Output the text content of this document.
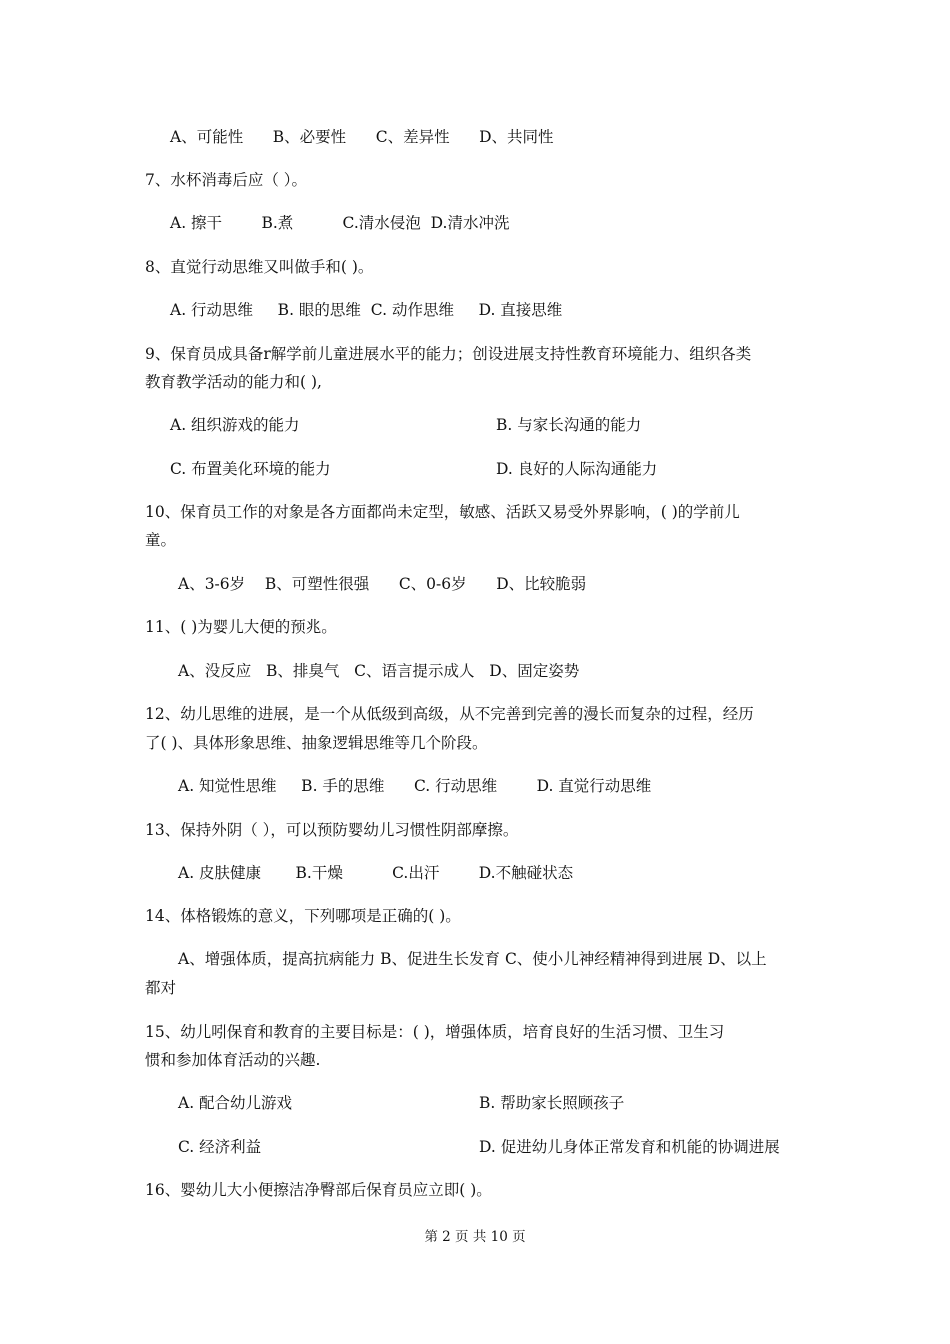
A、可能性      B、必要性      C、差异性      D、共同性
7、水杯消毒后应（ ）。
A. 擦干        B.煮          C.清水侵泡  D.清水冲洗
8、直觉行动思维又叫做手和( )。
A. 行动思维     B. 眼的思维  C. 动作思维     D. 直接思维
9、保育员成具备r解学前儿童进展水平的能力；创设进展支持性教育环境能力、组织各类
教育教学活动的能力和( ),
A. 组织游戏的能力	B. 与家长沟通的能力
C. 布置美化环境的能力	D. 良好的人际沟通能力
10、保育员工作的对象是各方面都尚未定型，敏感、活跃又易受外界影响，( )的学前儿
童。
A、3-6岁    B、可塑性很强      C、0-6岁      D、比较脆弱
11、( )为婴儿大便的预兆。
A、没反应   B、排臭气   C、语言提示成人   D、固定姿势
12、幼儿思维的进展，是一个从低级到高级，从不完善到完善的漫长而复杂的过程，经历
了( )、具体形象思维、抽象逻辑思维等几个阶段。
A. 知觉性思维     B. 手的思维      C. 行动思维        D. 直觉行动思维
13、保持外阴（ ），可以预防婴幼儿习惯性阴部摩擦。
A. 皮肤健康       B.干燥          C.出汗        D.不触碰状态
14、体格锻炼的意义，下列哪项是正确的( )。
A、增强体质，提高抗病能力 B、促进生长发育 C、使小儿神经精神得到进展 D、以上
都对
15、幼儿吲保育和教育的主要目标是：( )，增强体质，培育良好的生活习惯、卫生习
惯和参加体育活动的兴趣.
A. 配合幼儿游戏	B. 帮助家长照顾孩子
C. 经济利益	D. 促进幼儿身体正常发育和机能的协调进展
16、婴幼儿大小便擦洁净臀部后保育员应立即( )。
第 2 页 共 10 页
